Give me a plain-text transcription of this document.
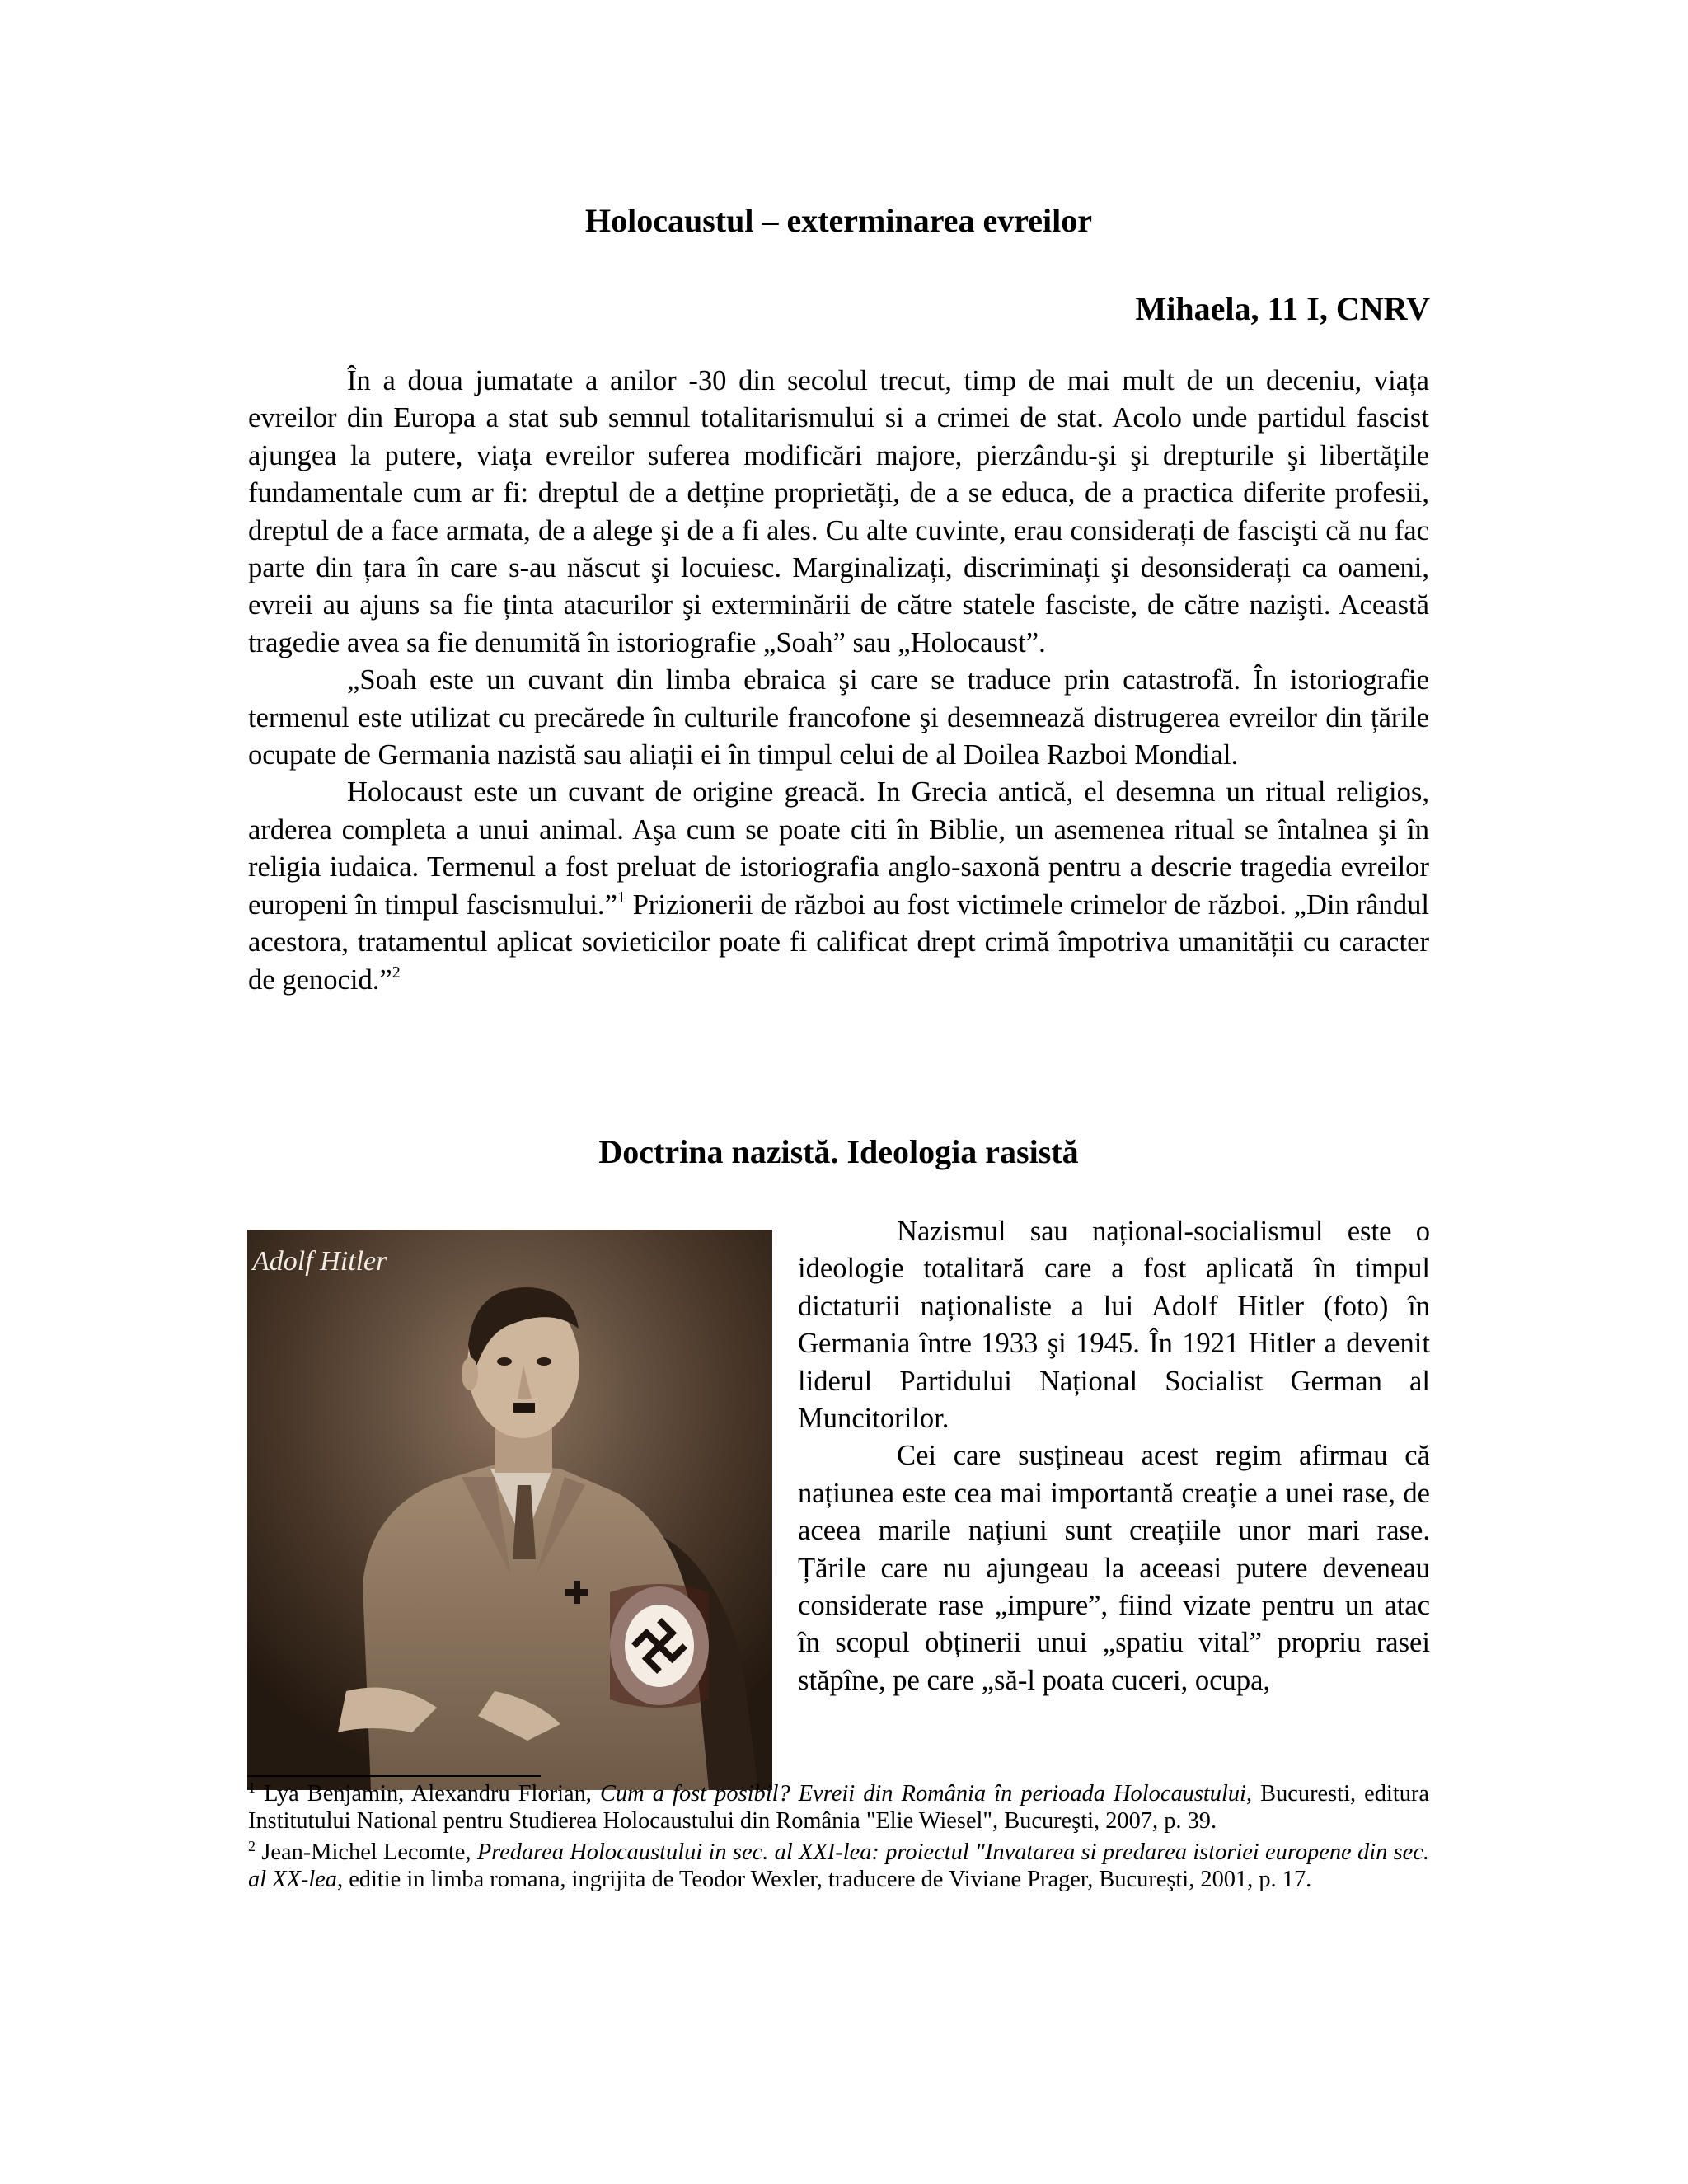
Holocaustul – exterminarea evreilor
Mihaela, 11 I, CNRV

În a doua jumatate a anilor -30 din secolul trecut, timp de mai mult de un deceniu, viața evreilor din Europa a stat sub semnul totalitarismului si a crimei de stat. Acolo unde partidul fascist ajungea la putere, viața evreilor suferea modificări majore, pierzându-şi şi drepturile şi libertățile fundamentale cum ar fi: dreptul de a detține proprietăți, de a se educa, de a practica diferite profesii, dreptul de a face armata, de a alege şi de a fi ales. Cu alte cuvinte, erau considerați de fascişti că nu fac parte din țara în care s-au născut şi locuiesc. Marginalizați, discriminați şi desonsiderați ca oameni, evreii au ajuns sa fie ținta atacurilor şi exterminării de către statele fasciste, de către nazişti. Această tragedie avea sa fie denumită în istoriografie „Soah” sau „Holocaust”.

„Soah este un cuvant din limba ebraica şi care se traduce prin catastrofă. În istoriografie termenul este utilizat cu precărede în culturile francofone şi desemnează distrugerea evreilor din țările ocupate de Germania nazistă sau aliații ei în timpul celui de al Doilea Razboi Mondial.

Holocaust este un cuvant de origine greacă. In Grecia antică, el desemna un ritual religios, arderea completa a unui animal. Aşa cum se poate citi în Biblie, un asemenea ritual se întalnea şi în religia iudaica. Termenul a fost preluat de istoriografia anglo-saxonă pentru a descrie tragedia evreilor europeni în timpul fascismului.”$^1$ Prizionerii de război au fost victimele crimelor de război. „Din rândul acestora, tratamentul aplicat sovieticilor poate fi calificat drept crimă împotriva umanității cu caracter de genocid.”$^2$

Doctrina nazistă. Ideologia rasistă
Adolf Hitler

Nazismul sau național-socialismul este o ideologie totalitară care a fost aplicată în timpul dictaturii naționaliste a lui Adolf Hitler (foto) în Germania între 1933 şi 1945. În 1921 Hitler a devenit liderul Partidului Național Socialist German al Muncitorilor.

Cei care susțineau acest regim afirmau că națiunea este cea mai importantă creație a unei rase, de aceea marile națiuni sunt creațiile unor mari rase. Țările care nu ajungeau la aceeasi putere deveneau considerate rase „impure”, fiind vizate pentru un atac în scopul obținerii unui „spatiu vital” propriu rasei stăpîne, pe care „să-l poata cuceri, ocupa,

$^1$ Lya Benjamin, Alexandru Florian, Cum a fost posibil? Evreii din România în perioada Holocaustului, Bucuresti, editura Institutului National pentru Studierea Holocaustului din România "Elie Wiesel", Bucureşti, 2007, p. 39.

$^2$ Jean-Michel Lecomte, Predarea Holocaustului in sec. al XXI-lea: proiectul "Invatarea si predarea istoriei europene din sec. al XX-lea, editie in limba romana, ingrijita de Teodor Wexler, traducere de Viviane Prager, Bucureşti, 2001, p. 17.
